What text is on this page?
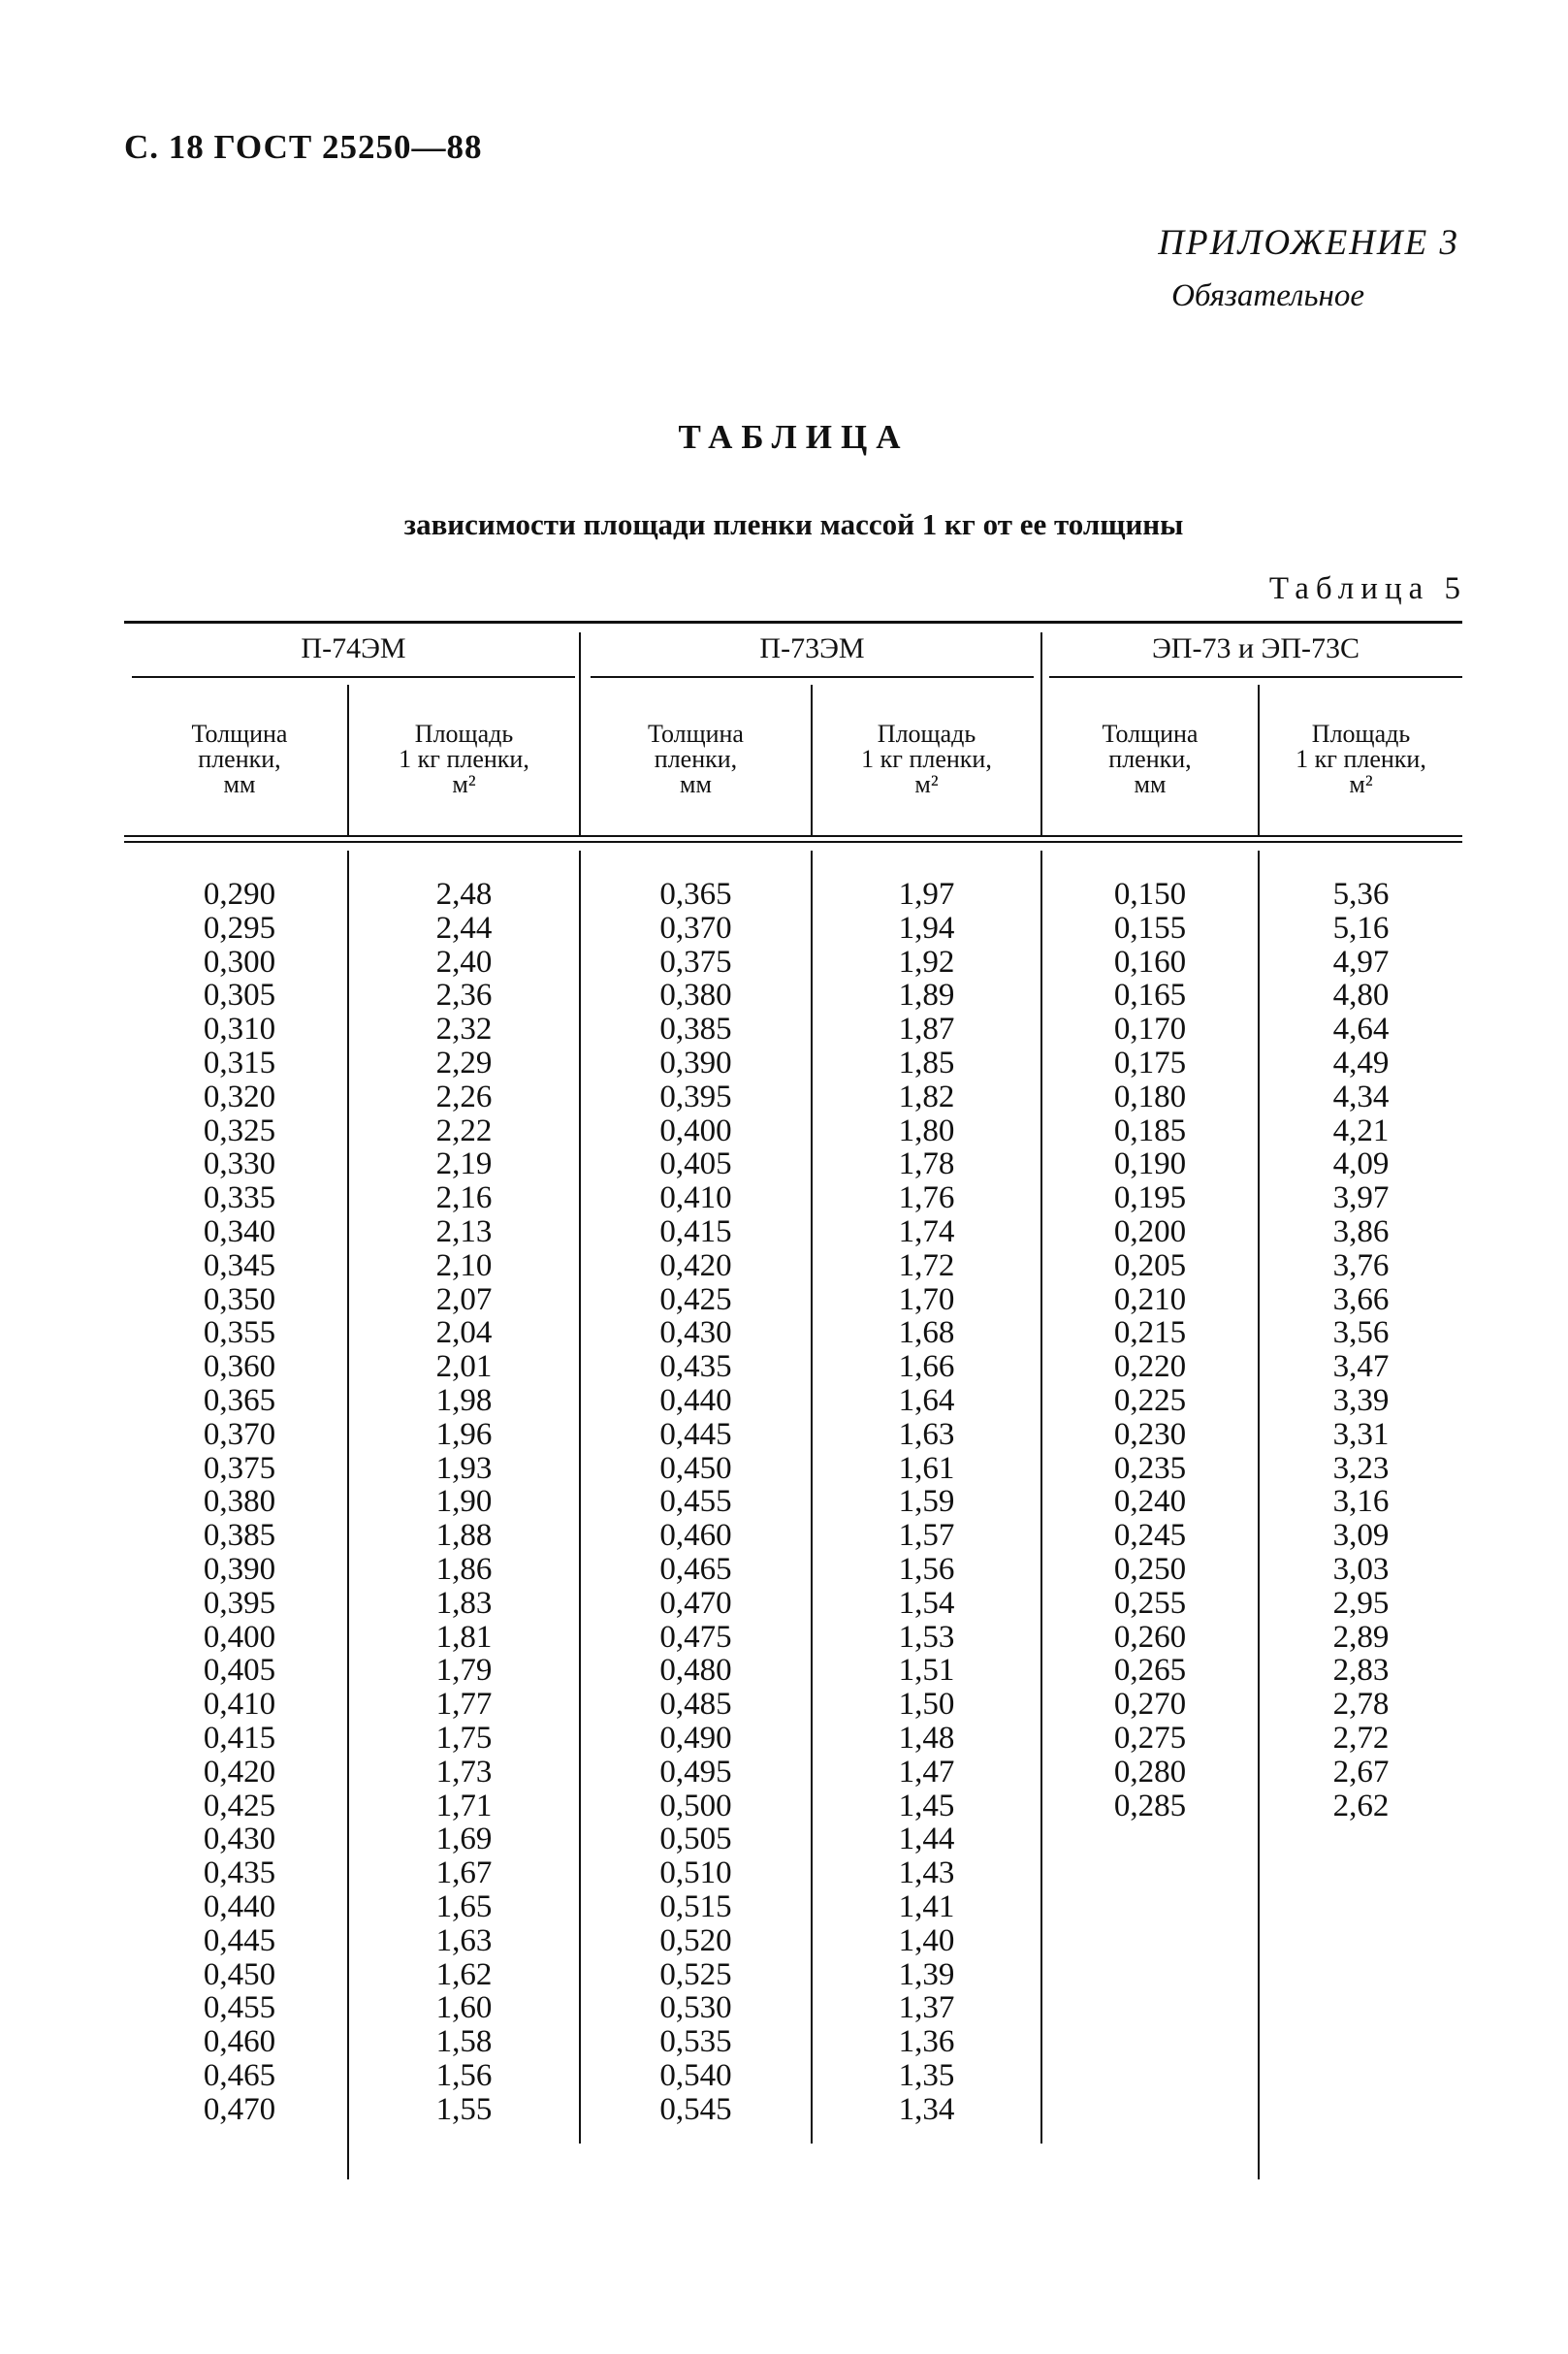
С. 18 ГОСТ 25250—88
ПРИЛОЖЕНИЕ 3
Обязательное
ТАБЛИЦА
зависимости площади пленки массой 1 кг от ее толщины
Таблица 5
П-74ЭМ	П-73ЭМ	ЭП-73 и ЭП-73С
Толщина
пленки,
мм
Площадь
1 кг пленки,
м²
Толщина
пленки,
мм
Площадь
1 кг пленки,
м²
Толщина
пленки,
мм
Площадь
1 кг пленки,
м²
0,290
0,295
0,300
0,305
0,310
0,315
0,320
0,325
0,330
0,335
0,340
0,345
0,350
0,355
0,360
0,365
0,370
0,375
0,380
0,385
0,390
0,395
0,400
0,405
0,410
0,415
0,420
0,425
0,430
0,435
0,440
0,445
0,450
0,455
0,460
0,465
0,470
2,48
2,44
2,40
2,36
2,32
2,29
2,26
2,22
2,19
2,16
2,13
2,10
2,07
2,04
2,01
1,98
1,96
1,93
1,90
1,88
1,86
1,83
1,81
1,79
1,77
1,75
1,73
1,71
1,69
1,67
1,65
1,63
1,62
1,60
1,58
1,56
1,55
0,365
0,370
0,375
0,380
0,385
0,390
0,395
0,400
0,405
0,410
0,415
0,420
0,425
0,430
0,435
0,440
0,445
0,450
0,455
0,460
0,465
0,470
0,475
0,480
0,485
0,490
0,495
0,500
0,505
0,510
0,515
0,520
0,525
0,530
0,535
0,540
0,545
1,97
1,94
1,92
1,89
1,87
1,85
1,82
1,80
1,78
1,76
1,74
1,72
1,70
1,68
1,66
1,64
1,63
1,61
1,59
1,57
1,56
1,54
1,53
1,51
1,50
1,48
1,47
1,45
1,44
1,43
1,41
1,40
1,39
1,37
1,36
1,35
1,34
0,150
0,155
0,160
0,165
0,170
0,175
0,180
0,185
0,190
0,195
0,200
0,205
0,210
0,215
0,220
0,225
0,230
0,235
0,240
0,245
0,250
0,255
0,260
0,265
0,270
0,275
0,280
0,285
5,36
5,16
4,97
4,80
4,64
4,49
4,34
4,21
4,09
3,97
3,86
3,76
3,66
3,56
3,47
3,39
3,31
3,23
3,16
3,09
3,03
2,95
2,89
2,83
2,78
2,72
2,67
2,62
